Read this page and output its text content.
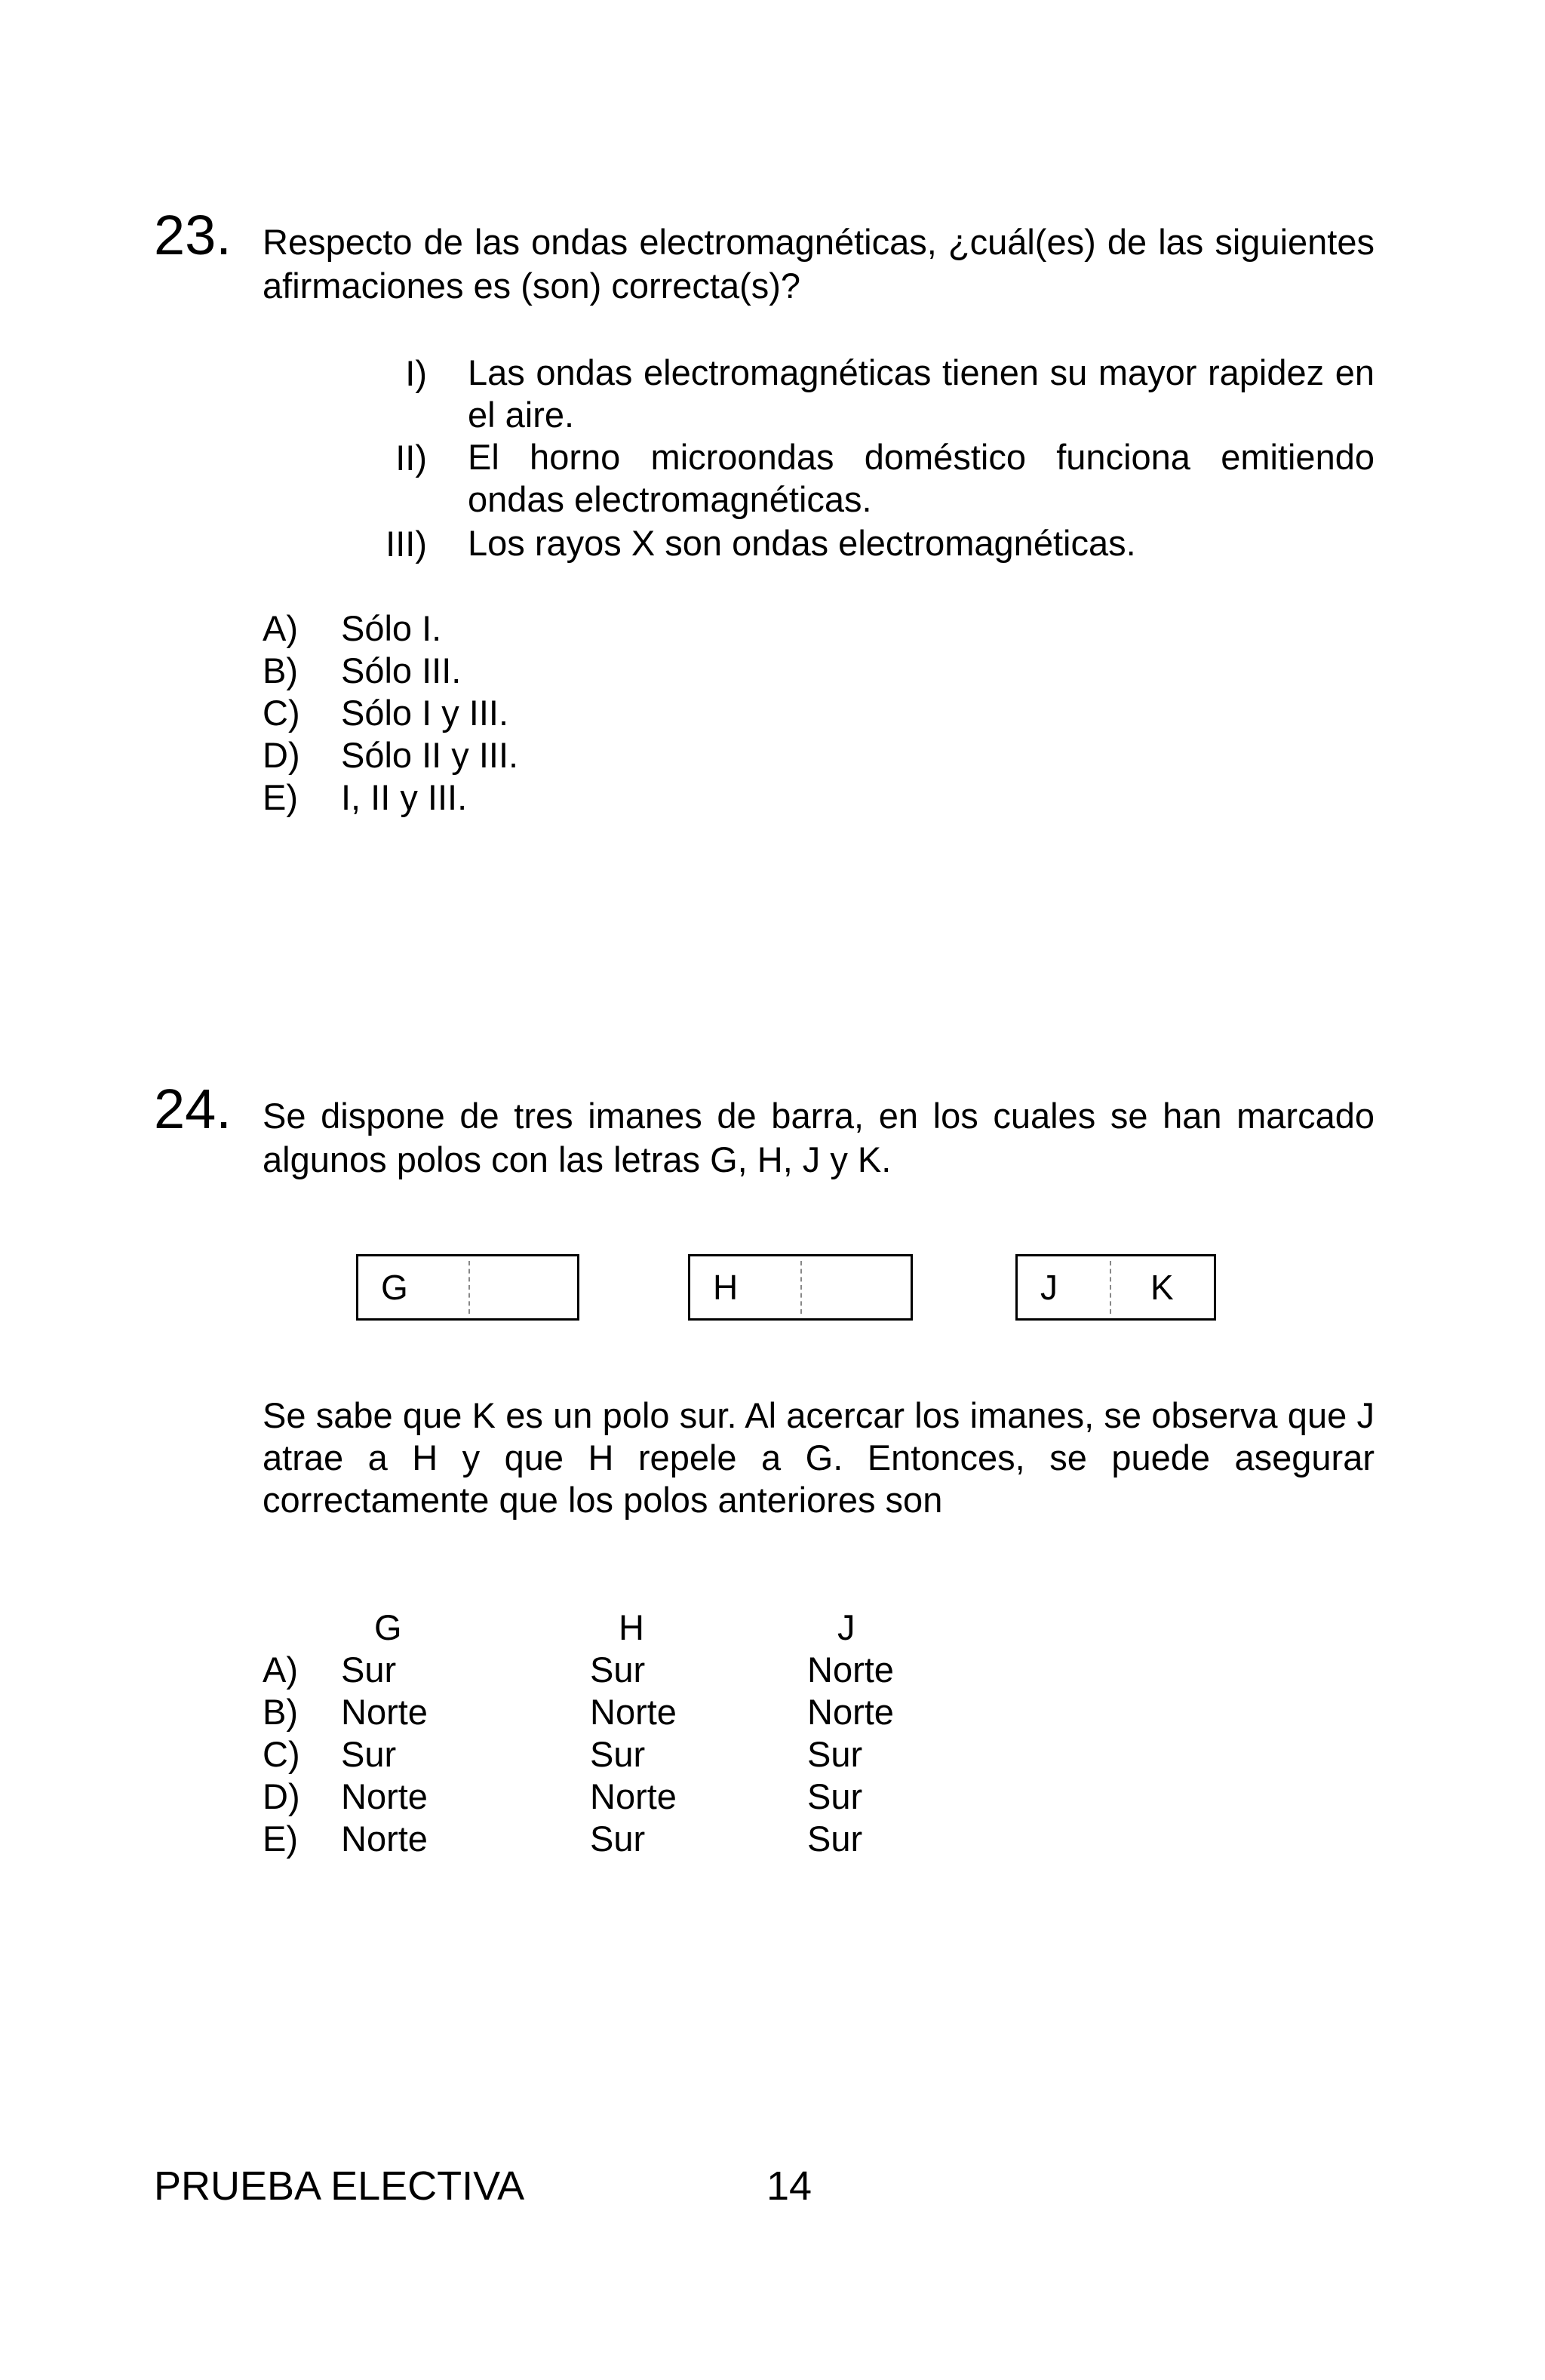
23. Respecto de las ondas electromagnéticas, ¿cuál(es) de las siguientes afirmaciones es (son) correcta(s)?
I) Las ondas electromagnéticas tienen su mayor rapidez en el aire.
II) El horno microondas doméstico funciona emitiendo ondas electromagnéticas.
III) Los rayos X son ondas electromagnéticas.
A) Sólo I.
B) Sólo III.
C) Sólo I y III.
D) Sólo II y III.
E) I, II y III.
24. Se dispone de tres imanes de barra, en los cuales se han marcado algunos polos con las letras G, H, J y K.
G	H	J	K
Se sabe que K es un polo sur. Al acercar los imanes, se observa que J atrae a H y que H repele a G. Entonces, se puede asegurar correctamente que los polos anteriores son
G	H	J
A) Sur	Sur	Norte
B) Norte	Norte	Norte
C) Sur	Sur	Sur
D) Norte	Norte	Sur
E) Norte	Sur	Sur
PRUEBA ELECTIVA	14
